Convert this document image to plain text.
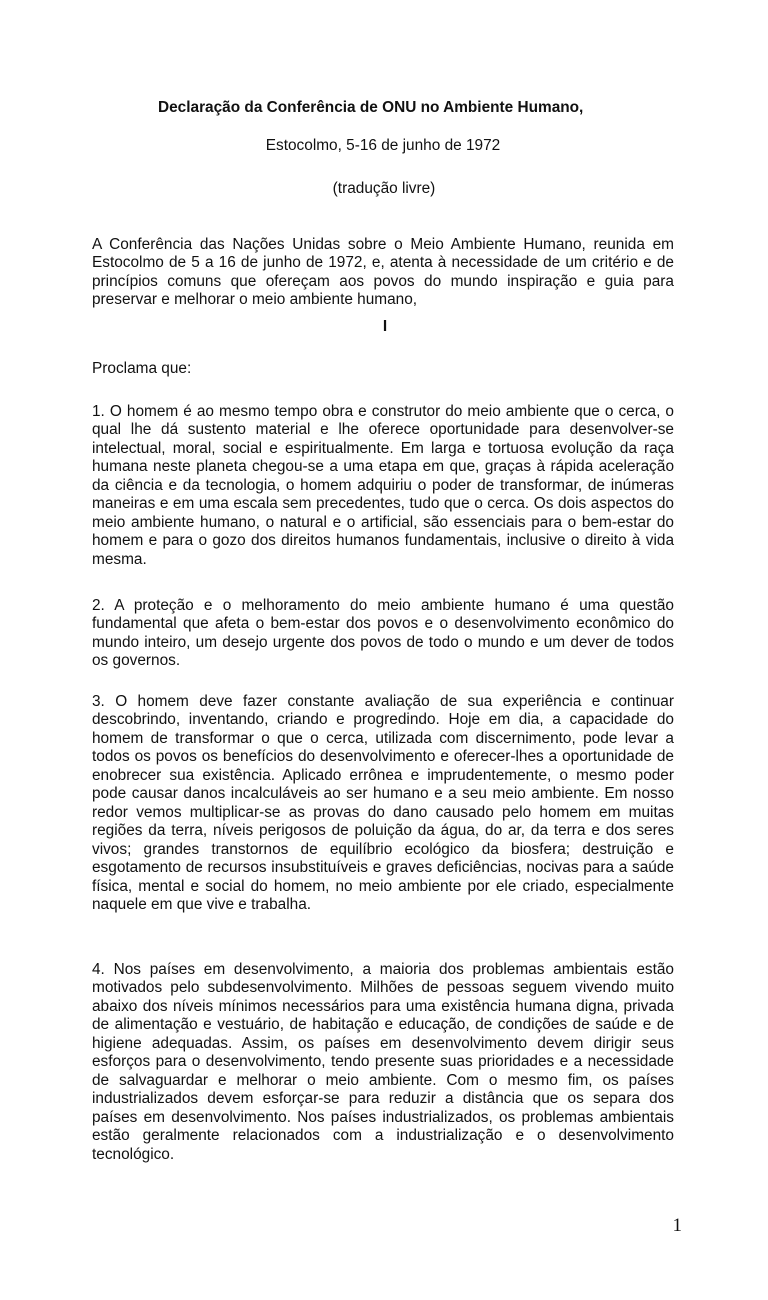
Declaração da Conferência de ONU no Ambiente Humano,

Estocolmo, 5-16 de junho de 1972

(tradução livre)

A Conferência das Nações Unidas sobre o Meio Ambiente Humano, reunida em Estocolmo de 5 a 16 de junho de 1972, e, atenta à necessidade de um critério e de princípios comuns que ofereçam aos povos do mundo inspiração e guia para preservar e melhorar o meio ambiente humano,

I

Proclama que:

1. O homem é ao mesmo tempo obra e construtor do meio ambiente que o cerca, o qual lhe dá sustento material e lhe oferece oportunidade para desenvolver-se intelectual, moral, social e espiritualmente. Em larga e tortuosa evolução da raça humana neste planeta chegou-se a uma etapa em que, graças à rápida aceleração da ciência e da tecnologia, o homem adquiriu o poder de transformar, de inúmeras maneiras e em uma escala sem precedentes, tudo que o cerca. Os dois aspectos do meio ambiente humano, o natural e o artificial, são essenciais para o bem-estar do homem e para o gozo dos direitos humanos fundamentais, inclusive o direito à vida mesma.

2. A proteção e o melhoramento do meio ambiente humano é uma questão fundamental que afeta o bem-estar dos povos e o desenvolvimento econômico do mundo inteiro, um desejo urgente dos povos de todo o mundo e um dever de todos os governos.

3. O homem deve fazer constante avaliação de sua experiência e continuar descobrindo, inventando, criando e progredindo. Hoje em dia, a capacidade do homem de transformar o que o cerca, utilizada com discernimento, pode levar a todos os povos os benefícios do desenvolvimento e oferecer-lhes a oportunidade de enobrecer sua existência. Aplicado errônea e imprudentemente, o mesmo poder pode causar danos incalculáveis ao ser humano e a seu meio ambiente. Em nosso redor vemos multiplicar-se as provas do dano causado pelo homem em muitas regiões da terra, níveis perigosos de poluição da água, do ar, da terra e dos seres vivos; grandes transtornos de equilíbrio ecológico da biosfera; destruição e esgotamento de recursos insubstituíveis e graves deficiências, nocivas para a saúde física, mental e social do homem, no meio ambiente por ele criado, especialmente naquele em que vive e trabalha.

4. Nos países em desenvolvimento, a maioria dos problemas ambientais estão motivados pelo subdesenvolvimento. Milhões de pessoas seguem vivendo muito abaixo dos níveis mínimos necessários para uma existência humana digna, privada de alimentação e vestuário, de habitação e educação, de condições de saúde e de higiene adequadas. Assim, os países em desenvolvimento devem dirigir seus esforços para o desenvolvimento, tendo presente suas prioridades e a necessidade de salvaguardar e melhorar o meio ambiente. Com o mesmo fim, os países industrializados devem esforçar-se para reduzir a distância que os separa dos países em desenvolvimento. Nos países industrializados, os problemas ambientais estão geralmente relacionados com a industrialização e o desenvolvimento tecnológico.

1
